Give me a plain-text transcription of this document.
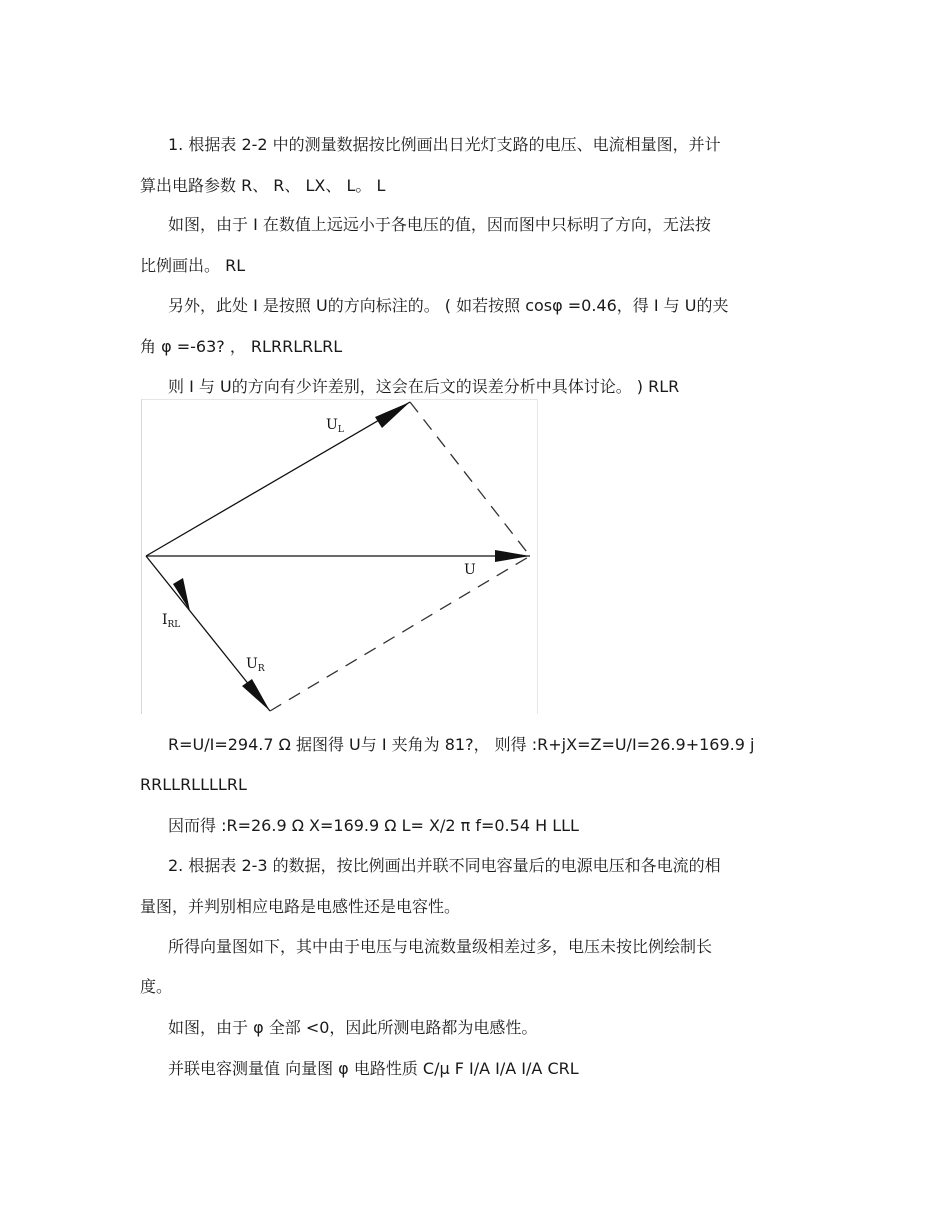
1. 根据表 2-2 中的测量数据按比例画出日光灯支路的电压、电流相量图，并计
算出电路参数 R、 R、 LX、 L。 L
如图，由于 I 在数值上远远小于各电压的值，因而图中只标明了方向，无法按
比例画出。 RL
另外，此处 I 是按照 U的方向标注的。 ( 如若按照 cosφ =0.46，得 I 与 U的夹
角 φ =-63? ， RLRRLRLRL
则 I 与 U的方向有少许差别，这会在后文的误差分析中具体讨论。 ) RLR
$U_L$
U
$I_{RL}$
$U_R$
R=U/I=294.7 Ω 据图得 U与 I 夹角为 81?， 则得 :R+jX=Z=U/I=26.9+169.9 j
RRLLRLLLLRL
因而得 :R=26.9 Ω X=169.9 Ω L= X/2 π f=0.54 H LLL
2. 根据表 2-3 的数据，按比例画出并联不同电容量后的电源电压和各电流的相
量图，并判别相应电路是电感性还是电容性。
所得向量图如下，其中由于电压与电流数量级相差过多，电压未按比例绘制长
度。
如图，由于 φ 全部 <0，因此所测电路都为电感性。
并联电容测量值 向量图 φ 电路性质 C/μ F I/A I/A I/A CRL
